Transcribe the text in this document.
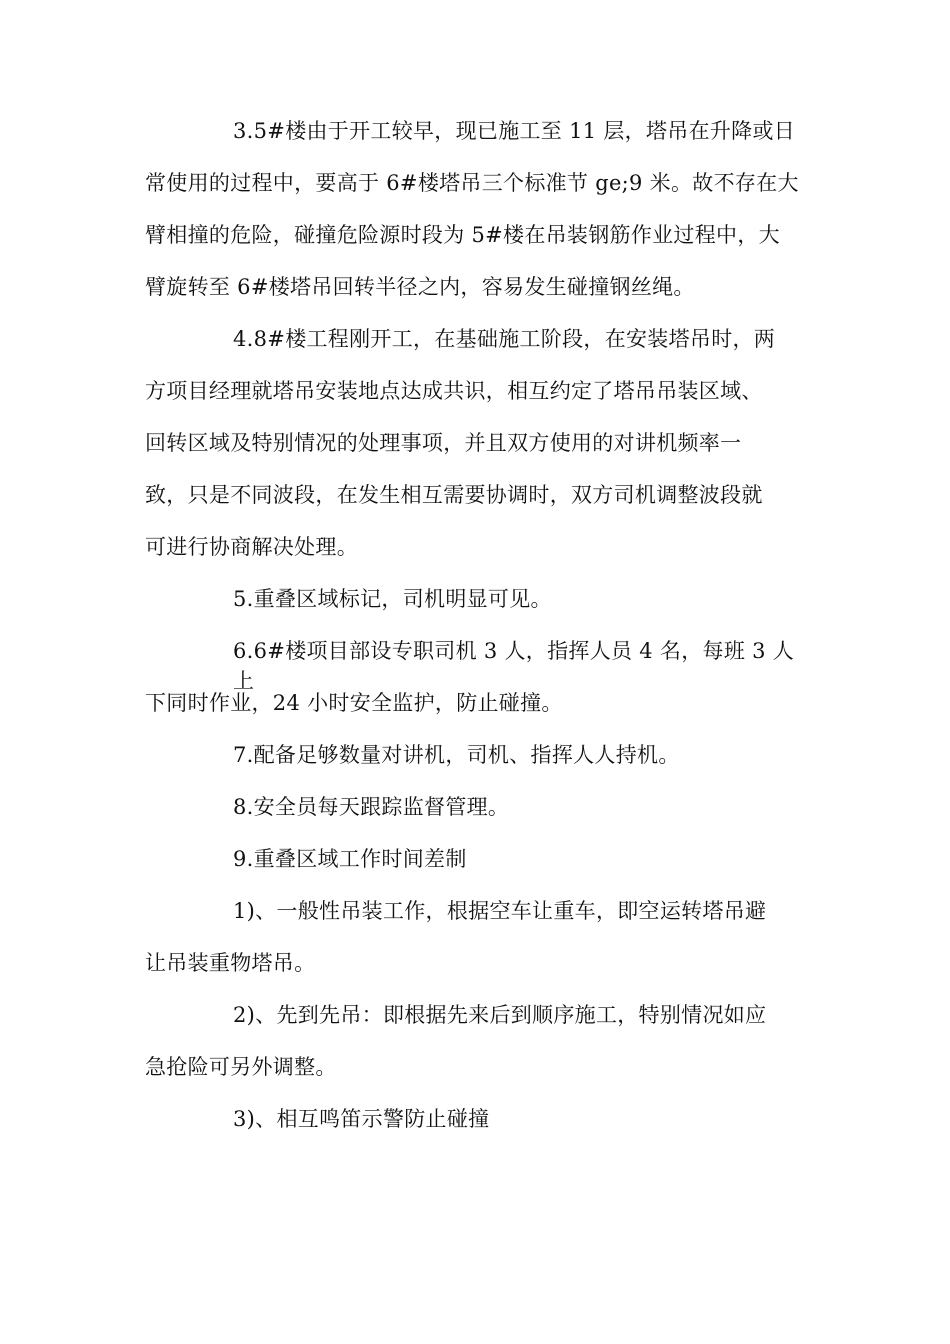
3.5#楼由于开工较早，现已施工至 11 层，塔吊在升降或日
常使用的过程中，要高于 6#楼塔吊三个标准节 ge;9 米。故不存在大
臂相撞的危险，碰撞危险源时段为 5#楼在吊装钢筋作业过程中，大
臂旋转至 6#楼塔吊回转半径之内，容易发生碰撞钢丝绳。
4.8#楼工程刚开工，在基础施工阶段，在安装塔吊时，两
方项目经理就塔吊安装地点达成共识，相互约定了塔吊吊装区域、
回转区域及特别情况的处理事项，并且双方使用的对讲机频率一
致，只是不同波段，在发生相互需要协调时，双方司机调整波段就
可进行协商解决处理。
5.重叠区域标记，司机明显可见。
6.6#楼项目部设专职司机 3 人，指挥人员 4 名，每班 3 人上
下同时作业，24 小时安全监护，防止碰撞。
7.配备足够数量对讲机，司机、指挥人人持机。
8.安全员每天跟踪监督管理。
9.重叠区域工作时间差制
1)、一般性吊装工作，根据空车让重车，即空运转塔吊避
让吊装重物塔吊。
2)、先到先吊：即根据先来后到顺序施工，特别情况如应
急抢险可另外调整。
3)、相互鸣笛示警防止碰撞
